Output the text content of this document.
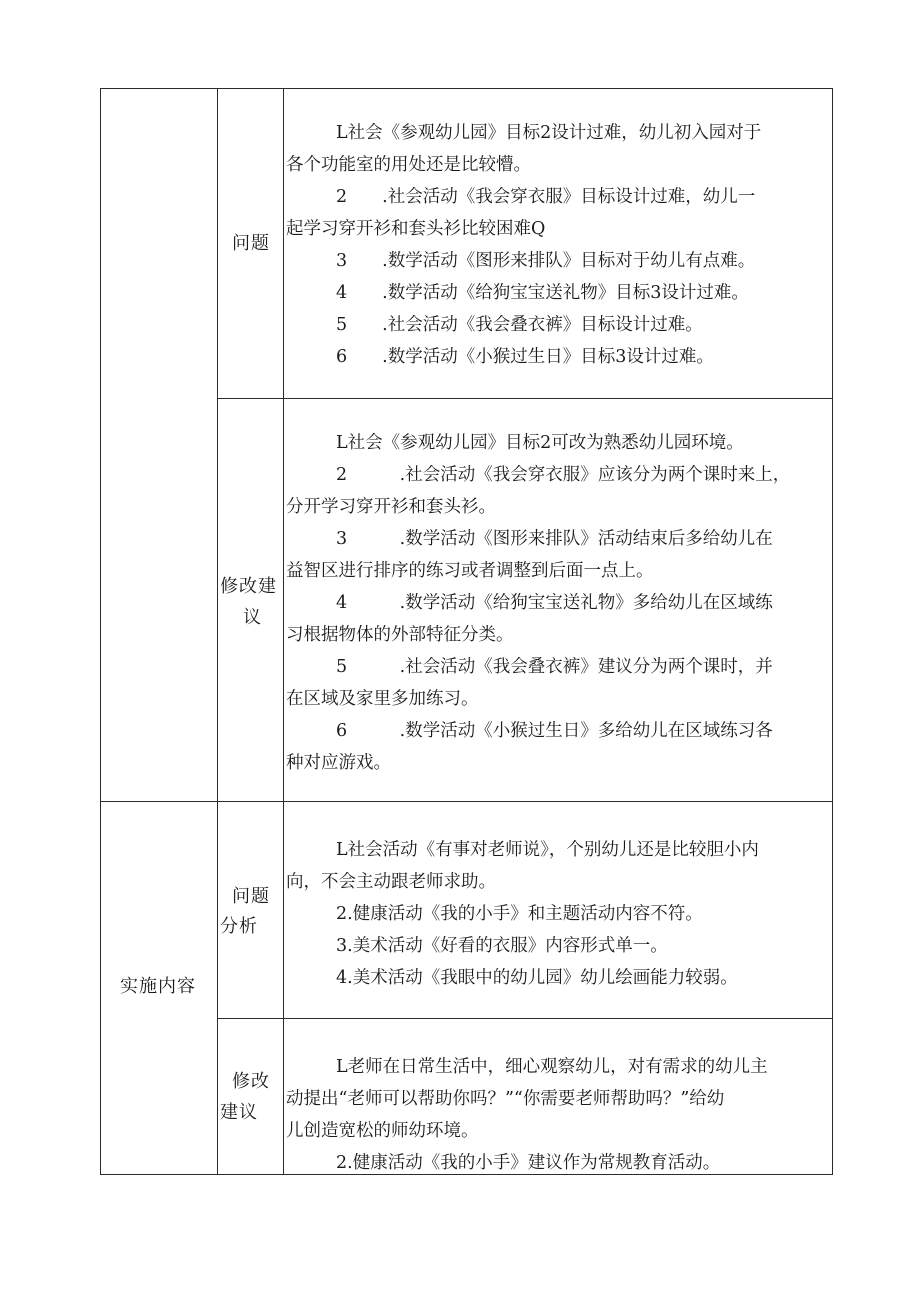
实施内容
问题

L社会《参观幼儿园》目标2设计过难，幼儿初入园对于

各个功能室的用处还是比较懵。

2　　.社会活动《我会穿衣服》目标设计过难，幼儿一

起学习穿开衫和套头衫比较困难Q

3　　.数学活动《图形来排队》目标对于幼儿有点难。

4　　.数学活动《给狗宝宝送礼物》目标3设计过难。

5　　.社会活动《我会叠衣裤》目标设计过难。

6　　.数学活动《小猴过生日》目标3设计过难。

修改建
议

L社会《参观幼儿园》目标2可改为熟悉幼儿园环境。

2　　　.社会活动《我会穿衣服》应该分为两个课时来上，

分开学习穿开衫和套头衫。

3　　　.数学活动《图形来排队》活动结束后多给幼儿在

益智区进行排序的练习或者调整到后面一点上。

4　　　.数学活动《给狗宝宝送礼物》多给幼儿在区域练

习根据物体的外部特征分类。

5　　　.社会活动《我会叠衣裤》建议分为两个课时，并

在区域及家里多加练习。

6　　　.数学活动《小猴过生日》多给幼儿在区域练习各

种对应游戏。

问题
分析

L社会活动《有事对老师说》，个别幼儿还是比较胆小内

向，不会主动跟老师求助。

2.健康活动《我的小手》和主题活动内容不符。

3.美术活动《好看的衣服》内容形式单一。

4.美术活动《我眼中的幼儿园》幼儿绘画能力较弱。

修改
建议

L老师在日常生活中，细心观察幼儿，对有需求的幼儿主

动提出“老师可以帮助你吗？”“你需要老师帮助吗？”给幼

儿创造宽松的师幼环境。

2.健康活动《我的小手》建议作为常规教育活动。
